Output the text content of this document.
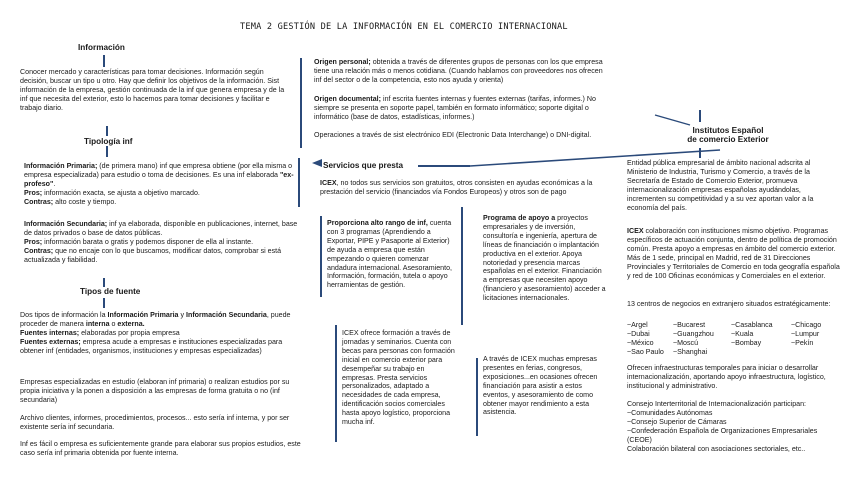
TEMA 2 GESTIÓN DE LA INFORMACIÓN EN EL COMERCIO INTERNACIONAL
Información
Conocer mercado y características para tomar decisiones. Información según decisión, buscar un tipo u otro. Hay que definir los objetivos de la información. Sist información de la empresa, gestión continuada de la inf que genera empresa y de la inf que necesita del exterior, esto lo hacemos para tomar decisiones y facilitar e trabajo diario.
Tipología inf
Información Primaria; (de primera mano) inf que empresa obtiene (por ella misma o empresa especializada) para estudio o toma de decisiones. Es una inf elaborada "ex-profeso".
Pros; información exacta, se ajusta a objetivo marcado.
Contras; alto coste y tiempo.
Información Secundaria; inf ya elaborada, disponible en publicaciones, internet, base de datos privados o base de datos públicas.
Pros; información barata o gratis y podemos disponer de ella al instante.
Contras; que no encaje con lo que buscamos, modificar datos, comprobar si está actualizada y fiabilidad.
Tipos de fuente
Dos tipos de información la Información Primaria y Información Secundaria, puede proceder de manera interna o externa.
Fuentes internas; elaboradas por propia empresa
Fuentes externas; empresa acude a empresas e instituciones especializadas para obtener inf (entidades, organismos, instituciones y empresas especializadas)
Empresas especializadas en estudio (elaboran inf primaria) o realizan estudios por su propia iniciativa y la ponen a disposición a las empresas de forma gratuita o no (inf secundaria)
Archivo clientes, informes, procedimientos, procesos... esto sería inf interna, y por ser existente sería inf secundaria.
Inf es fácil o empresa es suficientemente grande para elaborar sus propios estudios, este caso sería inf primaria obtenida por fuente interna.
Origen personal; obtenida a través de diferentes grupos de personas con los que empresa tiene una relación más o menos cotidiana. (Cuando hablamos con proveedores nos ofrecen inf del sector o de la competencia, esto nos ayuda y orienta)
Origen documental; inf escrita fuentes internas y fuentes externas (tarifas, informes.) No siempre se presenta en soporte papel, también en formato informático; soporte digital o informático (base de datos, estadísticas, informes.)
Operaciones a través de sist electrónico EDI (Electronic Data Interchange) o DNI-digital.
Servicios que presta
ICEX, no todos sus servicios son gratuitos, otros consisten en ayudas económicas a la prestación del servicio (financiados vía Fondos Europeos) y otros son de pago
Proporciona alto rango de inf, cuenta con 3 programas (Aprendiendo a Exportar, PIPE y Pasaporte al Exterior) de ayuda a empresa que están empezando o quieren comenzar andadura internacional. Asesoramiento, Información, formación, tutela o apoyo herramientas de gestión.
ICEX ofrece formación a través de jornadas y seminarios. Cuenta con becas para personas con formación inicial en comercio exterior para desempeñar su trabajo en empresas. Presta servicios personalizados, adaptado a necesidades de cada empresa, identificación socios comerciales hasta apoyo logístico, proporciona mucha inf.
Programa de apoyo a proyectos empresariales y de inversión, consultoría e ingeniería, apertura de líneas de financiación o implantación productiva en el exterior. Apoya notoriedad y presencia marcas españolas en el exterior. Financiación a empresas que necesiten apoyo (financiero y asesoramiento) acceder a licitaciones internacionales.
A través de ICEX muchas empresas presentes en ferias, congresos, exposiciones...en ocasiones ofrecen financiación para asistir a estos eventos, y asesoramiento de como obtener mayor rendimiento a esta asistencia.
Institutos Español
de comercio Exterior
Entidad pública empresarial de ámbito nacional adscrita al Ministerio de Industria, Turismo y Comercio, a través de la Secretaría de Estado de Comercio Exterior, promueva internacionalización empresas españolas ayudándolas, incrementen su competitividad y a su vez aportan valor a la economía del país.
ICEX colaboración con instituciones mismo objetivo. Programas específicos de actuación conjunta, dentro de política de promoción común. Presta apoyo a empresas en ámbito del comercio exterior. Más de 1 sede, principal en Madrid, red de 31 Direcciones Provinciales y Territoriales de Comercio en toda geografía española y red de 100 Oficinas económicas y Comerciales en el exterior.
13 centros de negocios en extranjero situados estratégicamente:
~Argel	~Bucarest	~Casablanca	~Chicago
~Dubai	~Guangzhou	~Kuala	~Lumpur
~México	~Moscú	~Bombay	~Pekín
~Sao Paulo	~Shanghai
Ofrecen infraestructuras temporales para iniciar o desarrollar internacionalización, aportando apoyo infraestructura, logístico, institucional y administrativo.
Consejo Interterritorial de Internacionalización participan:
~Comunidades Autónomas
~Consejo Superior de Cámaras
~Confederación Española de Organizaciones Empresariales (CEOE)
Colaboración bilateral con asociaciones sectoriales, etc..
